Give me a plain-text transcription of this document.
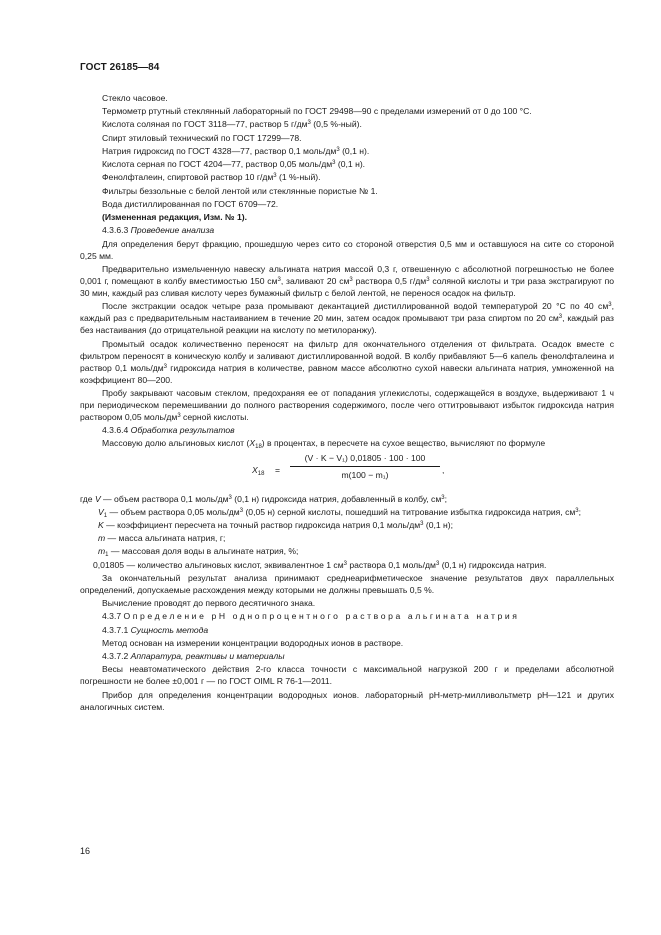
ГОСТ 26185—84

Стекло часовое.

Термометр ртутный стеклянный лабораторный по ГОСТ 29498—90 с пределами измерений от 0 до 100 °С.

Кислота соляная по ГОСТ 3118—77, раствор 5 $г/дм^3$ (0,5 %-ный).

Спирт этиловый технический по ГОСТ 17299—78.

Натрия гидроксид по ГОСТ 4328—77, раствор 0,1 моль/$дм^3$ (0,1 н).

Кислота серная по ГОСТ 4204—77, раствор 0,05 моль/$дм^3$ (0,1 н).

Фенолфталеин, спиртовой раствор 10 $г/дм^3$ (1 %-ный).

Фильтры беззольные с белой лентой или стеклянные пористые № 1.

Вода дистиллированная по ГОСТ 6709—72.

(Измененная редакция, Изм. № 1).

4.3.6.3 Проведение анализа

Для определения берут фракцию, прошедшую через сито со стороной отверстия 0,5 мм и оставшуюся на сите со стороной 0,25 мм.

Предварительно измельченную навеску альгината натрия массой 0,3 г, отвешенную с абсолютной погрешностью не более 0,001 г, помещают в колбу вместимостью 150 $см^3$, заливают 20 $см^3$ раствора 0,5 $г/дм^3$ соляной кислоты и три раза экстрагируют по 30 мин, каждый раз сливая кислоту через бумажный фильтр с белой лентой, не перенося осадок на фильтр.

После экстракции осадок четыре раза промывают декантацией дистиллированной водой температурой 20 °С по 40 $см^3$, каждый раз с предварительным настаиванием в течение 20 мин, затем осадок промывают три раза спиртом по 20 $см^3$, каждый раз без настаивания (до отрицательной реакции на кислоту по метилоранжу).

Промытый осадок количественно переносят на фильтр для окончательного отделения от фильтрата. Осадок вместе с фильтром переносят в коническую колбу и заливают дистиллированной водой. В колбу прибавляют 5—6 капель фенолфталеина и раствор 0,1 моль/$дм^3$ гидроксида натрия в количестве, равном массе абсолютно сухой навески альгината натрия, умноженной на коэффициент 80—200.

Пробу закрывают часовым стеклом, предохраняя ее от попадания углекислоты, содержащейся в воздухе, выдерживают 1 ч при периодическом перемешивании до полного растворения содержимого, после чего оттитровывают избыток гидроксида натрия раствором 0,05 моль/$дм^3$ серной кислоты.

4.3.6.4 Обработка результатов

Массовую долю альгиновых кислот $(X_{18})$ в процентах, в пересчете на сухое вещество, вычисляют по формуле

$X_{18}$ =
(V · K − V₁) 0,01805 · 100 · 100
m(100 − m₁)	,

где V — объем раствора 0,1 моль/$дм^3$ (0,1 н) гидроксида натрия, добавленный в колбу, $см^3$;

$V_1$ — объем раствора 0,05 моль/$дм^3$ (0,05 н) серной кислоты, пошедший на титрование избытка гидроксида натрия, $см^3$;

K — коэффициент пересчета на точный раствор гидроксида натрия 0,1 моль/$дм^3$ (0,1 н);

m — масса альгината натрия, г;

$m_1$ — массовая доля воды в альгинате натрия, %;

0,01805 — количество альгиновых кислот, эквивалентное 1 $см^3$ раствора 0,1 моль/$дм^3$ (0,1 н) гидроксида натрия.

За окончательный результат анализа принимают среднеарифметическое значение результатов двух параллельных определений, допускаемые расхождения между которыми не должны превышать 0,5 %.

Вычисление проводят до первого десятичного знака.

4.3.7 Определение pH однопроцентного раствора альгината натрия

4.3.7.1 Сущность метода

Метод основан на измерении концентрации водородных ионов в растворе.

4.3.7.2 Аппаратура, реактивы и материалы

Весы неавтоматического действия 2-го класса точности с максимальной нагрузкой 200 г и пределами абсолютной погрешности не более ±0,001 г — по ГОСТ OIML R 76-1—2011.

Прибор для определения концентрации водородных ионов. лабораторный pH-метр-милливольтметр pH—121 и других аналогичных систем.

16
